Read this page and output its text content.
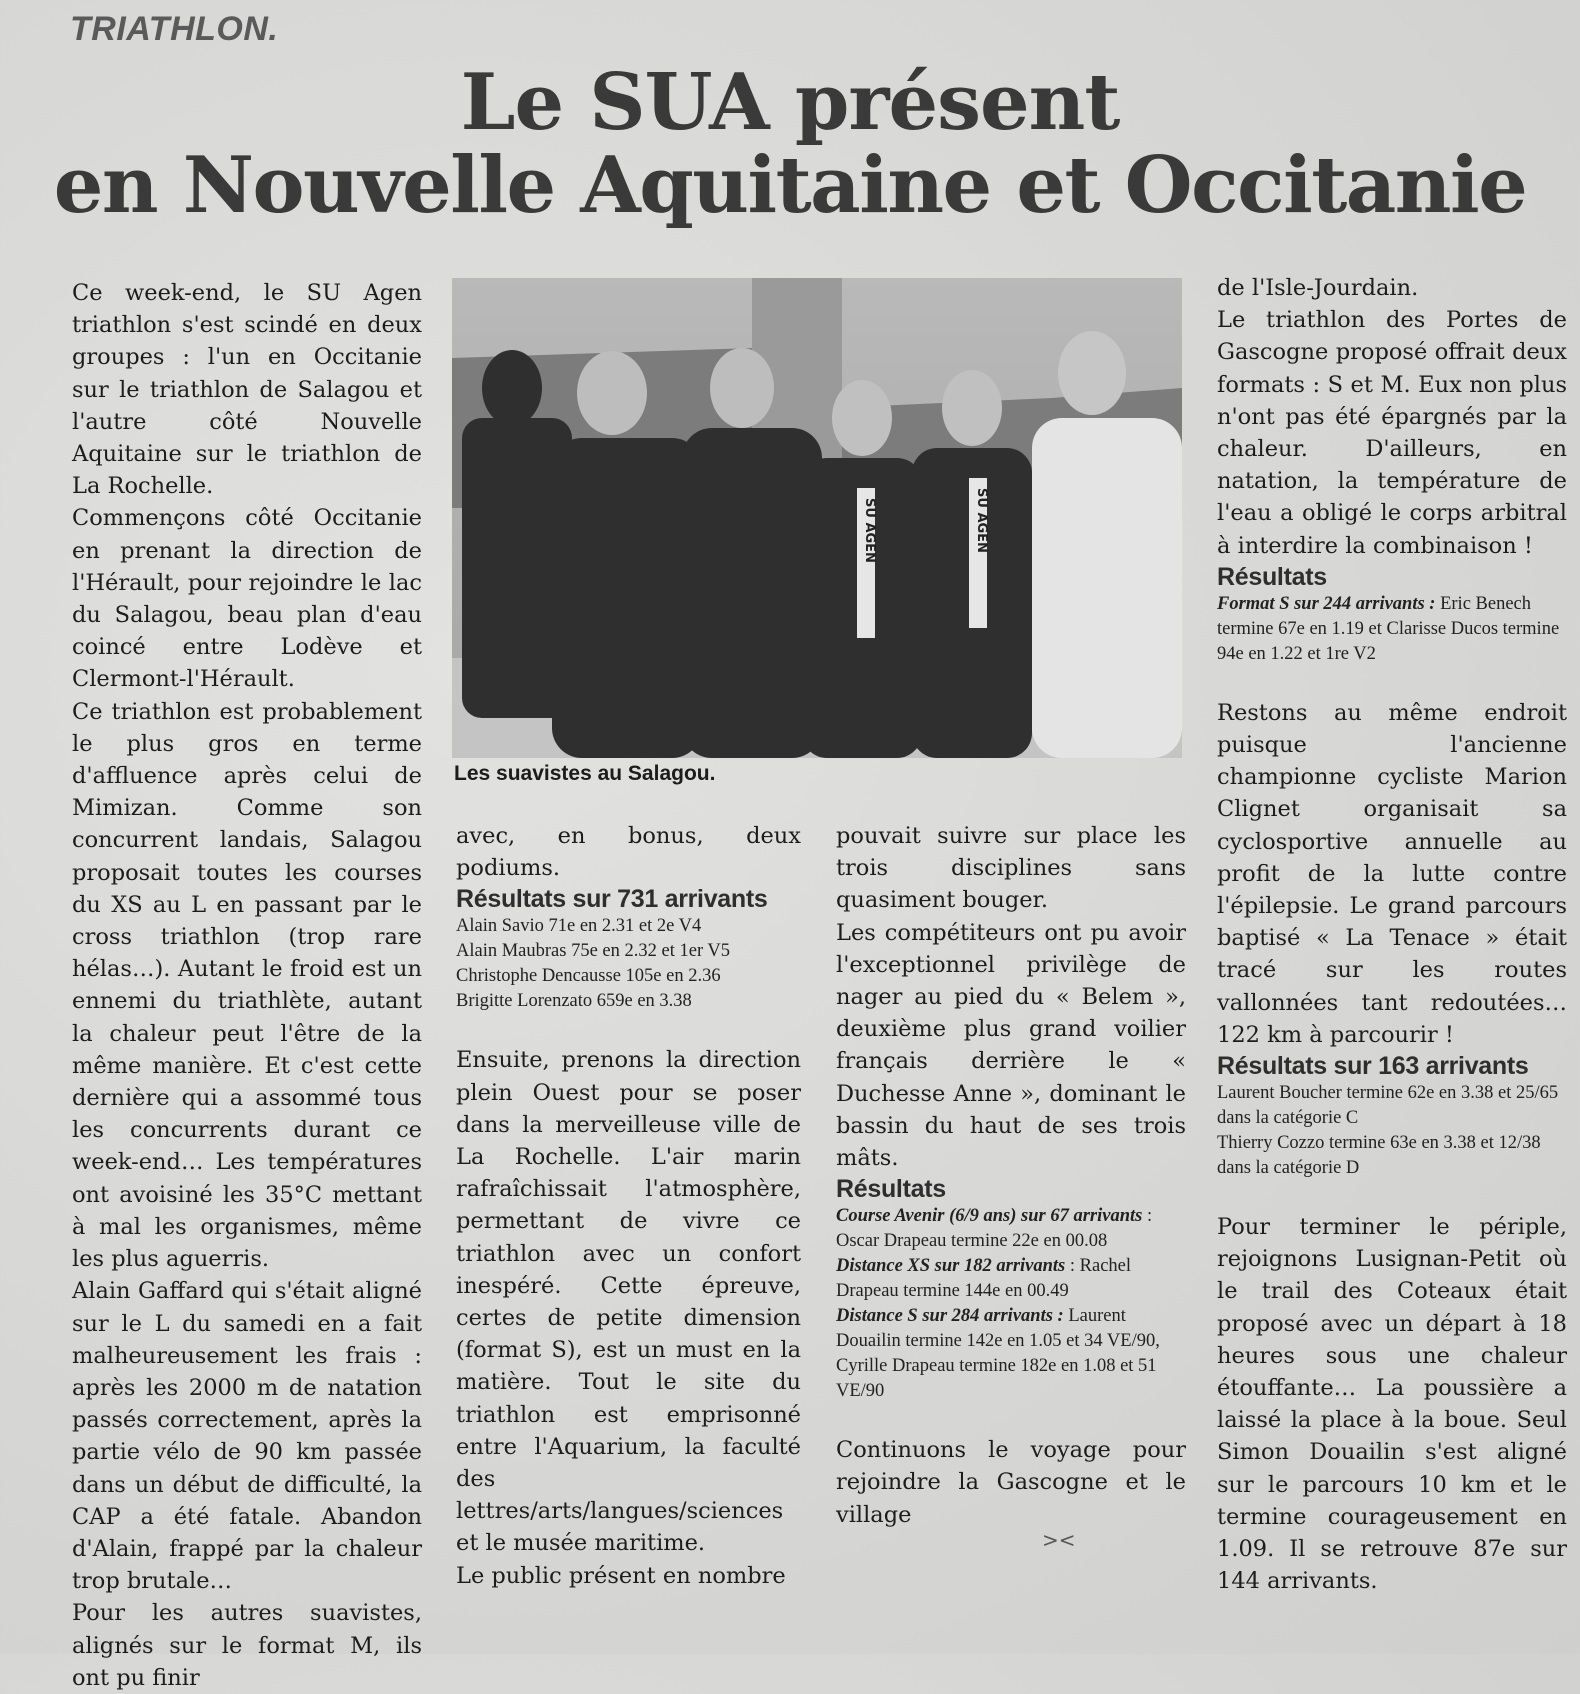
TRIATHLON.
Le SUA présent
en Nouvelle Aquitaine et Occitanie

Ce week-end, le SU Agen triathlon s'est scindé en deux groupes : l'un en Occitanie sur le triathlon de Salagou et l'autre côté Nouvelle Aquitaine sur le triathlon de La Rochelle.

Commençons côté Occitanie en prenant la direction de l'Hérault, pour rejoindre le lac du Salagou, beau plan d'eau coincé entre Lodève et Clermont-l'Hérault.

Ce triathlon est probablement le plus gros en terme d'affluence après celui de Mimizan. Comme son concurrent landais, Salagou proposait toutes les courses du XS au L en passant par le cross triathlon (trop rare hélas…). Autant le froid est un ennemi du triathlète, autant la chaleur peut l'être de la même manière. Et c'est cette dernière qui a assommé tous les concurrents durant ce week-end… Les températures ont avoisiné les 35°C mettant à mal les organismes, même les plus aguerris.

Alain Gaffard qui s'était aligné sur le L du samedi en a fait malheureusement les frais : après les 2000 m de natation passés correctement, après la partie vélo de 90 km passée dans un début de difficulté, la CAP a été fatale. Abandon d'Alain, frappé par la chaleur trop brutale…

Pour les autres suavistes, alignés sur le format M, ils ont pu finir

SU AGEN	SU AGEN
Les suavistes au Salagou.

avec, en bonus, deux podiums.

Résultats sur 731 arrivants
Alain Savio 71e en 2.31 et 2e V4
Alain Maubras 75e en 2.32 et 1er V5
Christophe Dencausse 105e en 2.36
Brigitte Lorenzato 659e en 3.38

Ensuite, prenons la direction plein Ouest pour se poser dans la merveilleuse ville de La Rochelle. L'air marin rafraîchissait l'atmosphère, permettant de vivre ce triathlon avec un confort inespéré. Cette épreuve, certes de petite dimension (format S), est un must en la matière. Tout le site du triathlon est emprisonné entre l'Aquarium, la faculté des lettres/arts/langues/sciences et le musée maritime.

Le public présent en nombre

pouvait suivre sur place les trois disciplines sans quasiment bouger.

Les compétiteurs ont pu avoir l'exceptionnel privilège de nager au pied du « Belem », deuxième plus grand voilier français derrière le « Duchesse Anne », dominant le bassin du haut de ses trois mâts.

Résultats
Course Avenir (6/9 ans) sur 67 arrivants : Oscar Drapeau termine 22e en 00.08
Distance XS sur 182 arrivants : Rachel Drapeau termine 144e en 00.49
Distance S sur 284 arrivants : Laurent Douailin termine 142e en 1.05 et 34 VE/90, Cyrille Drapeau termine 182e en 1.08 et 51 VE/90

Continuons le voyage pour rejoindre la Gascogne et le village

de l'Isle-Jourdain.

Le triathlon des Portes de Gascogne proposé offrait deux formats : S et M. Eux non plus n'ont pas été épargnés par la chaleur. D'ailleurs, en natation, la température de l'eau a obligé le corps arbitral à interdire la combinaison !

Résultats
Format S sur 244 arrivants : Eric Benech termine 67e en 1.19 et Clarisse Ducos termine 94e en 1.22 et 1re V2

Restons au même endroit puisque l'ancienne championne cycliste Marion Clignet organisait sa cyclosportive annuelle au profit de la lutte contre l'épilepsie. Le grand parcours baptisé « La Tenace » était tracé sur les routes vallonnées tant redoutées… 122 km à parcourir !

Résultats sur 163 arrivants
Laurent Boucher termine 62e en 3.38 et 25/65 dans la catégorie C
Thierry Cozzo termine 63e en 3.38 et 12/38 dans la catégorie D

Pour terminer le périple, rejoignons Lusignan-Petit où le trail des Coteaux était proposé avec un départ à 18 heures sous une chaleur étouffante… La poussière a laissé la place à la boue. Seul Simon Douailin s'est aligné sur le parcours 10 km et le termine courageusement en 1.09. Il se retrouve 87e sur 144 arrivants.

><
